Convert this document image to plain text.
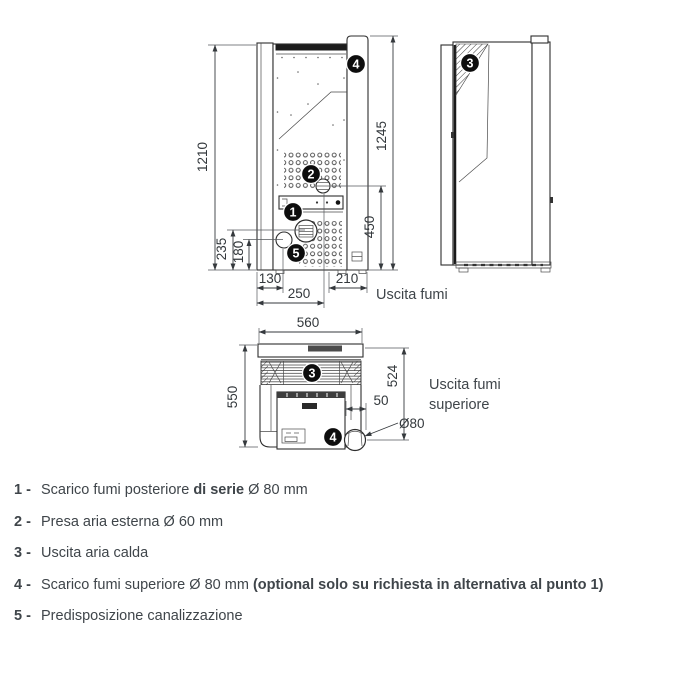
1210
450
1245
235 180
130
250
210
4
2
1
5
Uscita fumi
3
560
3
4
50
Ø80
524
550
Uscita fumi
superiore
1 - Scarico fumi posteriore di serie Ø 80 mm
2 - Presa aria esterna Ø 60 mm
3 - Uscita aria calda
4 - Scarico fumi superiore Ø 80 mm (optional solo su richiesta in alternativa al punto 1)
5 - Predisposizione canalizzazione
